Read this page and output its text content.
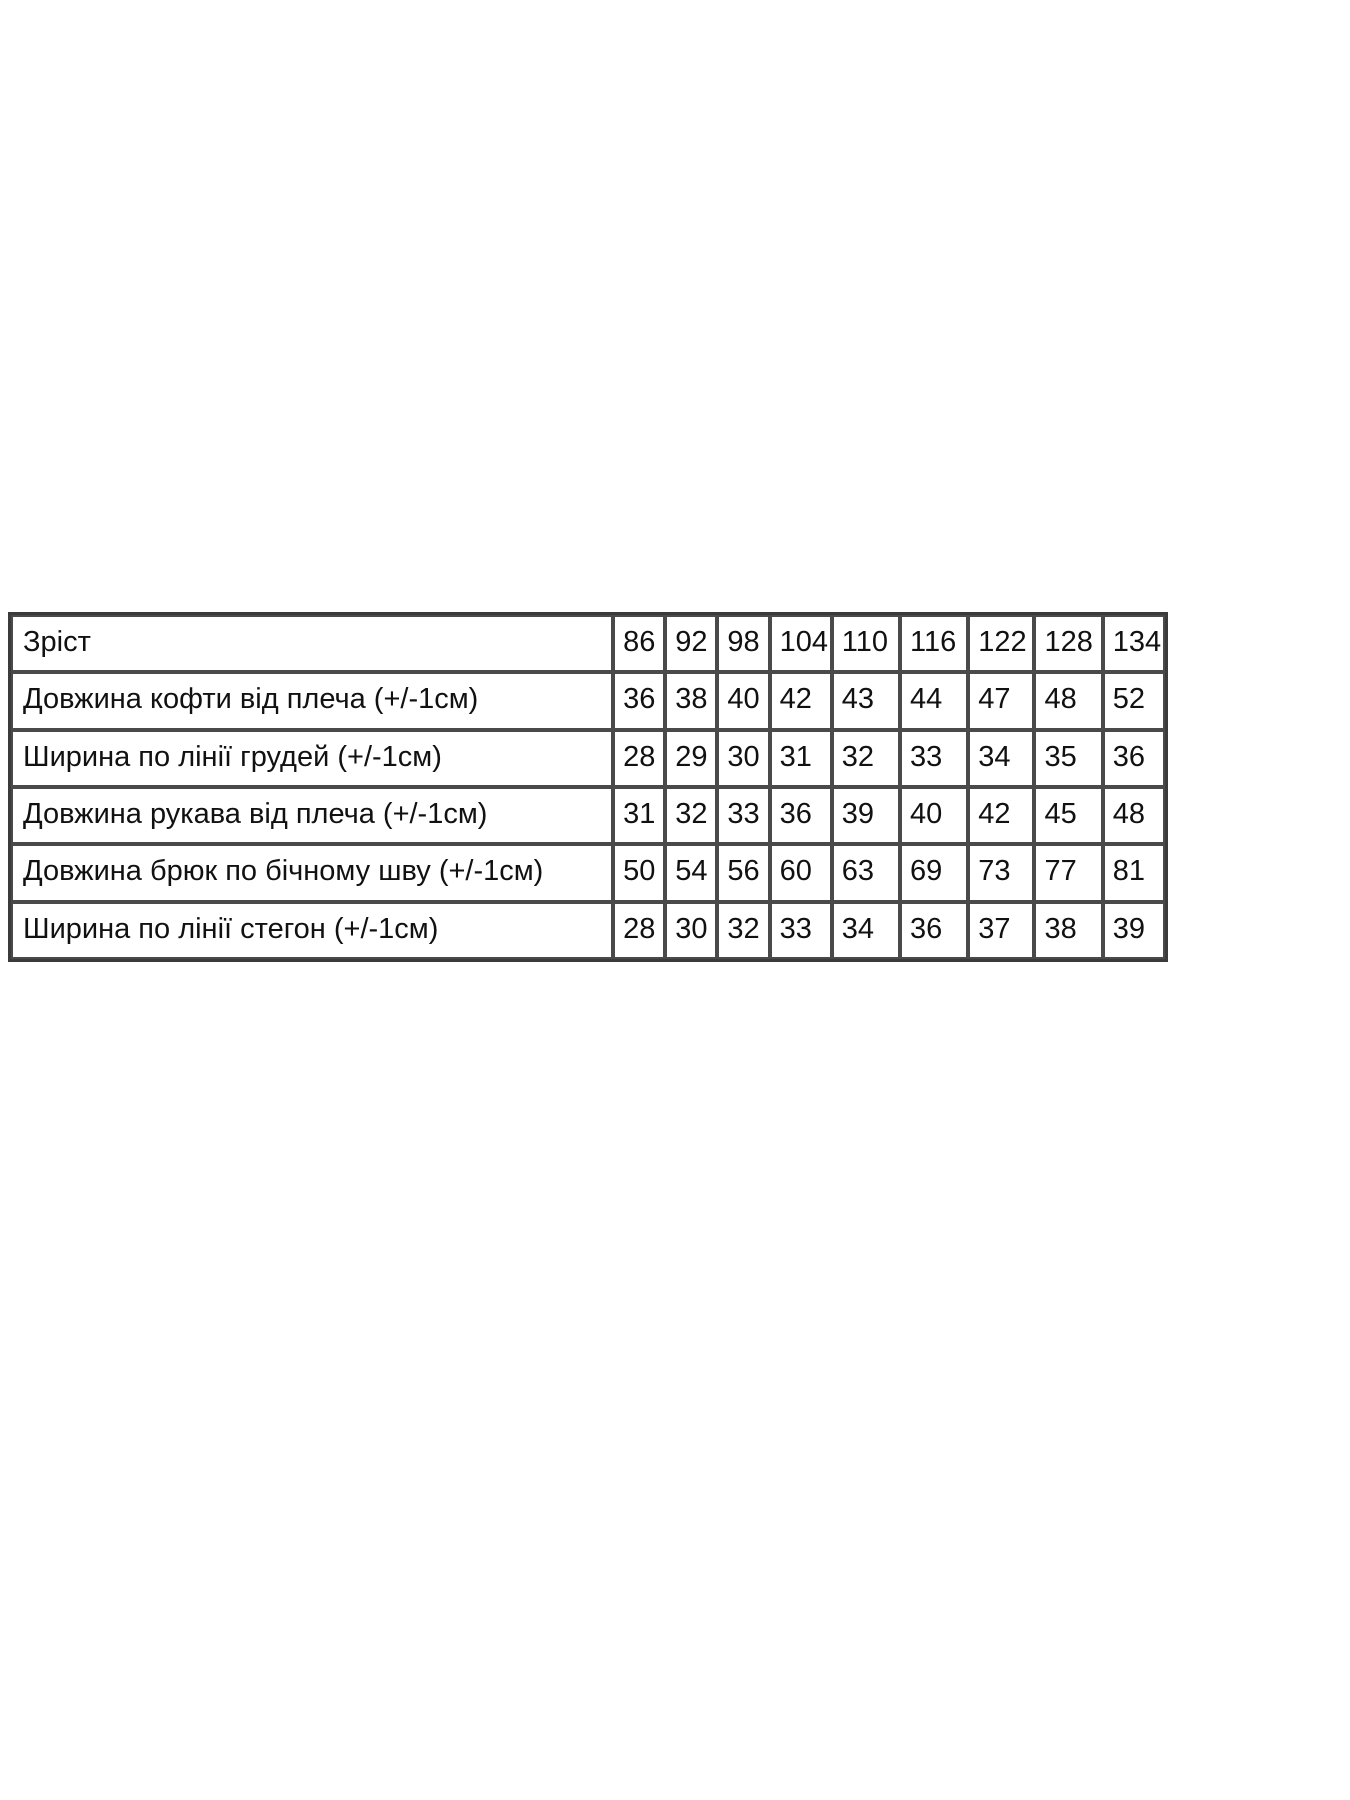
Зріст	86	92	98	104	110	116	122	128	134
Довжина кофти від плеча (+/-1см)	36	38	40	42	43	44	47	48	52
Ширина по лінії грудей (+/-1см)	28	29	30	31	32	33	34	35	36
Довжина рукава від плеча (+/-1см)	31	32	33	36	39	40	42	45	48
Довжина брюк по бічному шву (+/-1см)	50	54	56	60	63	69	73	77	81
Ширина по лінії стегон (+/-1см)	28	30	32	33	34	36	37	38	39
